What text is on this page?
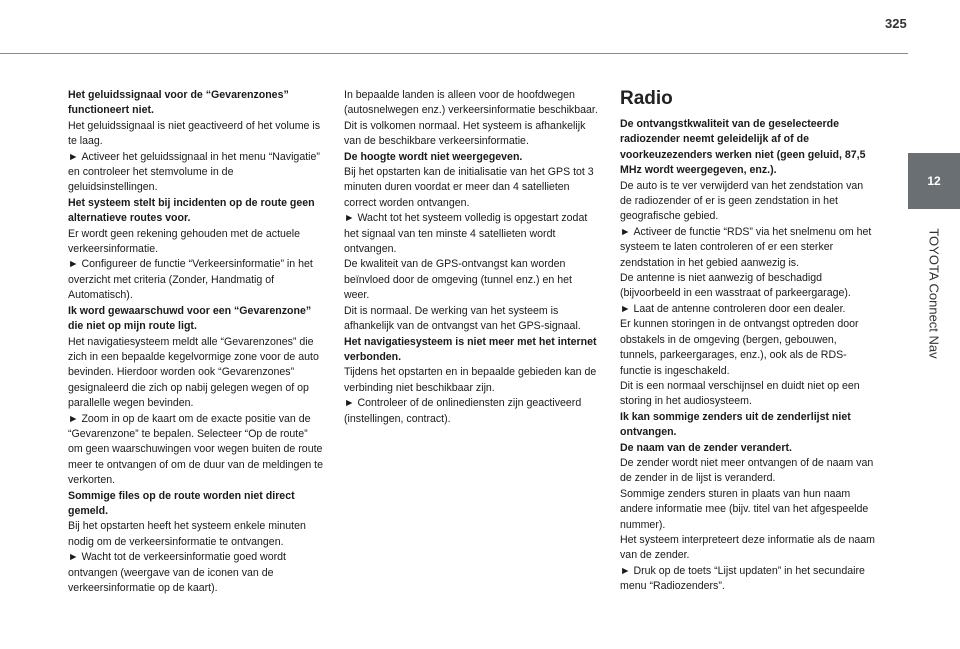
325
12
TOYOTA Connect Nav

Het geluidssignaal voor de “Gevarenzones” functioneert niet.

Het geluidssignaal is niet geactiveerd of het volume is te laag.

► Activeer het geluidssignaal in het menu “Navigatie” en controleer het stemvolume in de geluidsinstellingen.

Het systeem stelt bij incidenten op de route geen alternatieve routes voor.

Er wordt geen rekening gehouden met de actuele verkeersinformatie.

► Configureer de functie “Verkeersinformatie” in het overzicht met criteria (Zonder, Handmatig of Automatisch).

Ik word gewaarschuwd voor een “Gevarenzone” die niet op mijn route ligt.

Het navigatiesysteem meldt alle “Gevarenzones” die zich in een bepaalde kegelvormige zone voor de auto bevinden. Hierdoor worden ook “Gevarenzones” gesignaleerd die zich op nabij gelegen wegen of op parallelle wegen bevinden.

► Zoom in op de kaart om de exacte positie van de “Gevarenzone” te bepalen. Selecteer “Op de route” om geen waarschuwingen voor wegen buiten de route meer te ontvangen of om de duur van de meldingen te verkorten.

Sommige files op de route worden niet direct gemeld.

Bij het opstarten heeft het systeem enkele minuten nodig om de verkeersinformatie te ontvangen.

► Wacht tot de verkeersinformatie goed wordt ontvangen (weergave van de iconen van de verkeersinformatie op de kaart).

In bepaalde landen is alleen voor de hoofdwegen (autosnelwegen enz.) verkeersinformatie beschikbaar.

Dit is volkomen normaal. Het systeem is afhankelijk van de beschikbare verkeersinformatie.

De hoogte wordt niet weergegeven.

Bij het opstarten kan de initialisatie van het GPS tot 3 minuten duren voordat er meer dan 4 satellieten correct worden ontvangen.

► Wacht tot het systeem volledig is opgestart zodat het signaal van ten minste 4 satellieten wordt ontvangen.

De kwaliteit van de GPS-ontvangst kan worden beïnvloed door de omgeving (tunnel enz.) en het weer.

Dit is normaal. De werking van het systeem is afhankelijk van de ontvangst van het GPS-signaal.

Het navigatiesysteem is niet meer met het internet verbonden.

Tijdens het opstarten en in bepaalde gebieden kan de verbinding niet beschikbaar zijn.

► Controleer of de onlinediensten zijn geactiveerd (instellingen, contract).

Radio

De ontvangstkwaliteit van de geselecteerde radiozender neemt geleidelijk af of de voorkeuzezenders werken niet (geen geluid, 87,5 MHz wordt weergegeven, enz.).

De auto is te ver verwijderd van het zendstation van de radiozender of er is geen zendstation in het geografische gebied.

► Activeer de functie “RDS” via het snelmenu om het systeem te laten controleren of er een sterker zendstation in het gebied aanwezig is.

De antenne is niet aanwezig of beschadigd (bijvoorbeeld in een wasstraat of parkeergarage).

► Laat de antenne controleren door een dealer.

Er kunnen storingen in de ontvangst optreden door obstakels in de omgeving (bergen, gebouwen, tunnels, parkeergarages, enz.), ook als de RDS-functie is ingeschakeld.

Dit is een normaal verschijnsel en duidt niet op een storing in het audiosysteem.

Ik kan sommige zenders uit de zenderlijst niet ontvangen.

De naam van de zender verandert.

De zender wordt niet meer ontvangen of de naam van de zender in de lijst is veranderd.

Sommige zenders sturen in plaats van hun naam andere informatie mee (bijv. titel van het afgespeelde nummer).

Het systeem interpreteert deze informatie als de naam van de zender.

► Druk op de toets “Lijst updaten” in het secundaire menu “Radiozenders”.
